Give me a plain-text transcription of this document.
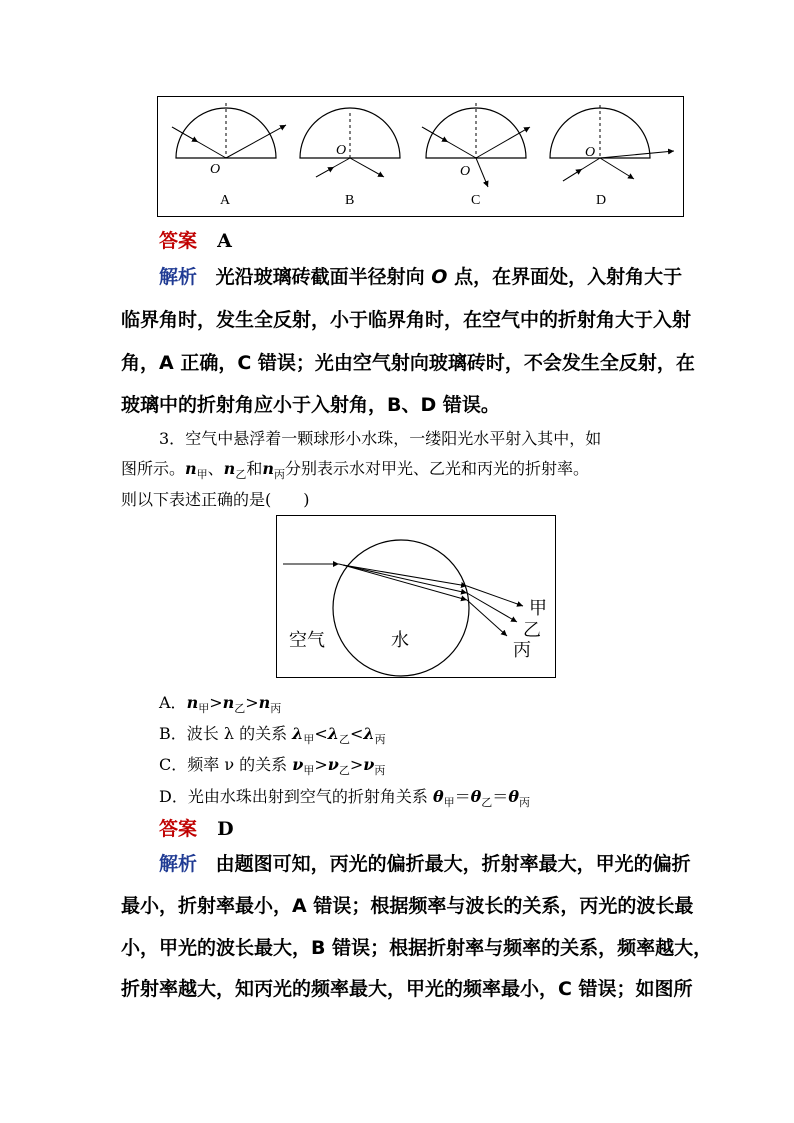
O
A
O
B
O
C
O
D
答案 A
解析 光沿玻璃砖截面半径射向 O 点，在界面处，入射角大于
临界角时，发生全反射，小于临界角时，在空气中的折射角大于入射
角，A 正确，C 错误；光由空气射向玻璃砖时，不会发生全反射，在
玻璃中的折射角应小于入射角，B、D 错误。
3．空气中悬浮着一颗球形小水珠，一缕阳光水平射入其中，如
图所示。$n_甲$、$n_乙$和$n_丙$分别表示水对甲光、乙光和丙光的折射率。
则以下表述正确的是(　　)
空气	水
甲
乙
丙
A．$n_甲>n_乙>n_丙$
B．波长 λ 的关系 $\lambda_甲<\lambda_乙<\lambda_丙$
C．频率 ν 的关系 $\nu_甲>\nu_乙>\nu_丙$
D．光由水珠出射到空气的折射角关系 $\theta_甲=\theta_乙=\theta_丙$
答案 D
解析 由题图可知，丙光的偏折最大，折射率最大，甲光的偏折
最小，折射率最小，A 错误；根据频率与波长的关系，丙光的波长最
小，甲光的波长最大，B 错误；根据折射率与频率的关系，频率越大，
折射率越大，知丙光的频率最大，甲光的频率最小，C 错误；如图所
